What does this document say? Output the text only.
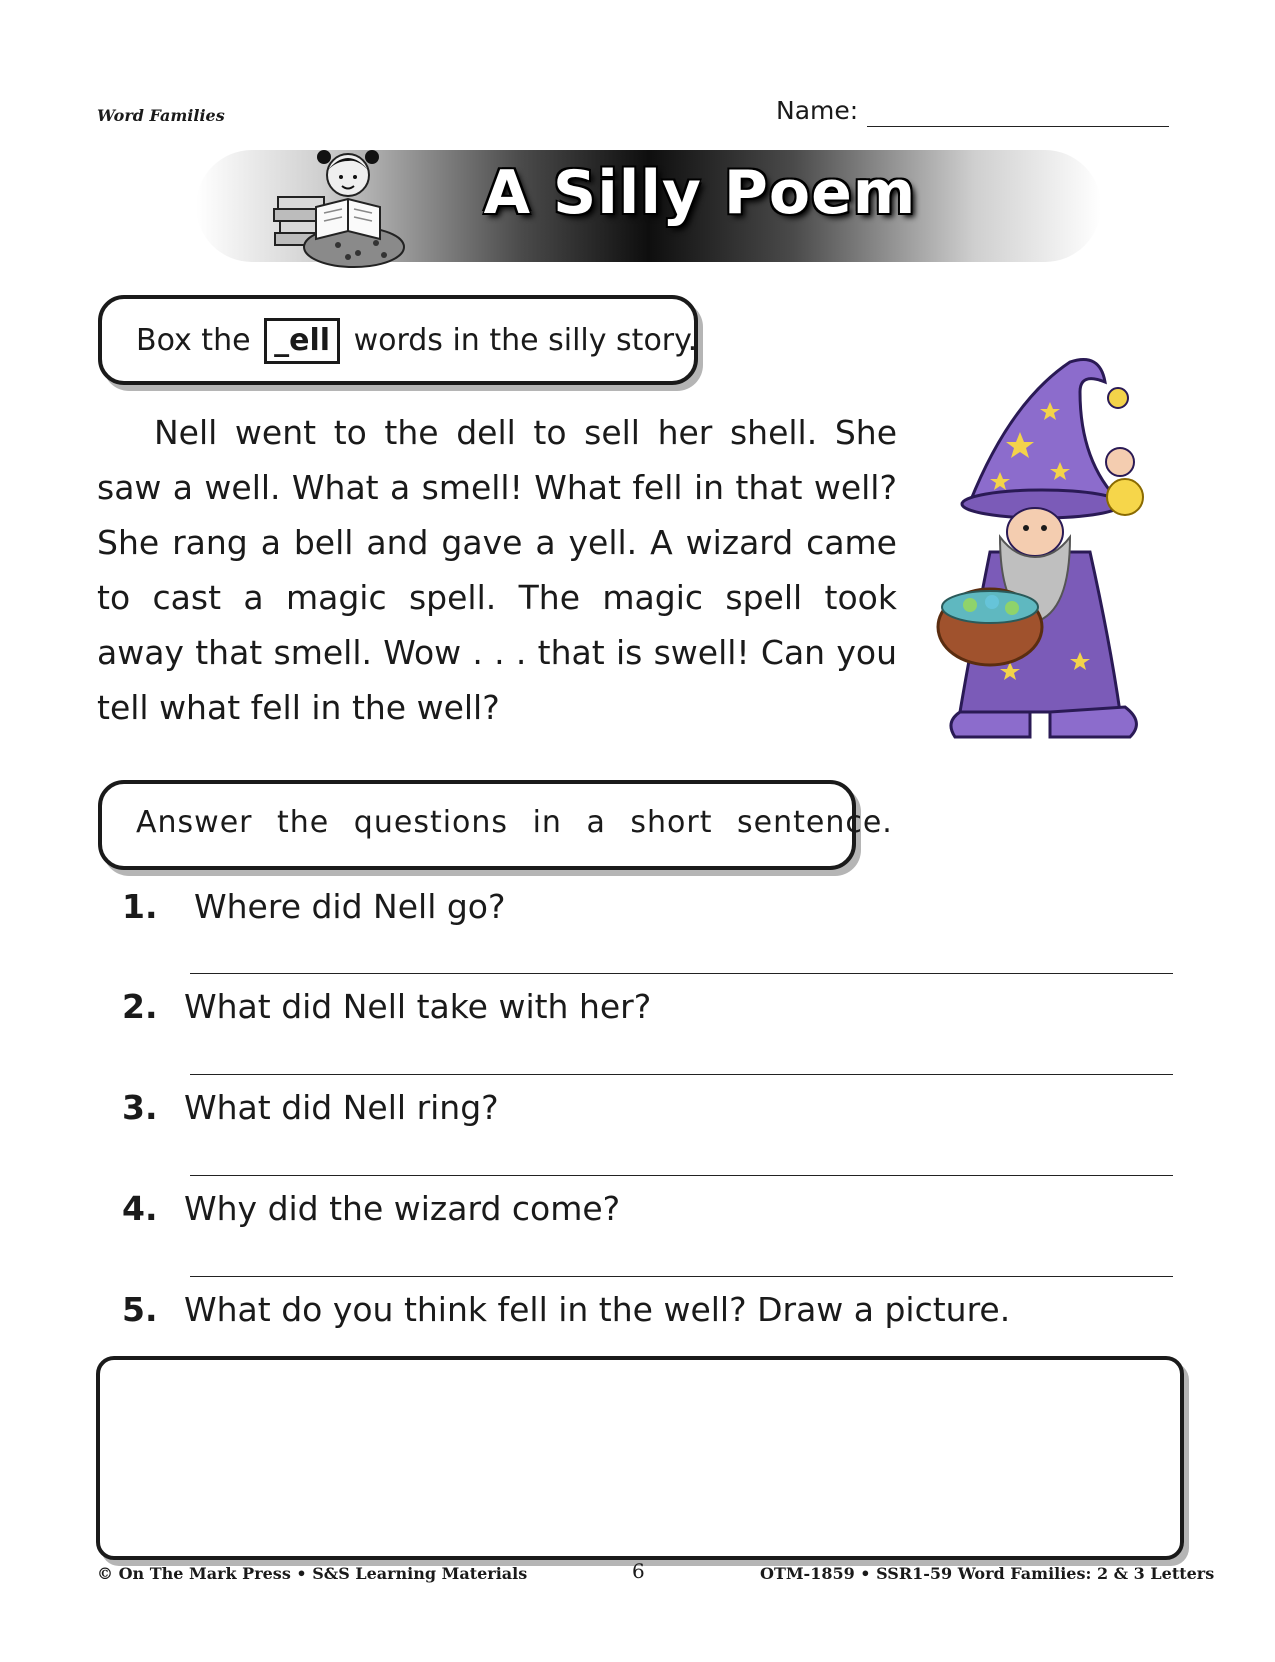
Word Families	Name:
A Silly Poem
Box the _ell words in the silly story.

Nell went to the dell to sell her shell. She saw a well. What a smell! What fell in that well? She rang a bell and gave a yell. A wizard came to cast a magic spell. The magic spell took away that smell. Wow . . . that is swell! Can you tell what fell in the well?

Answer the questions in a short sentence.
1. Where did Nell go?
2. What did Nell take with her?
3. What did Nell ring?
4. Why did the wizard come?
5. What do you think fell in the well? Draw a picture.
© On The Mark Press • S&S Learning Materials	6	OTM-1859 • SSR1-59 Word Families: 2 & 3 Letters
